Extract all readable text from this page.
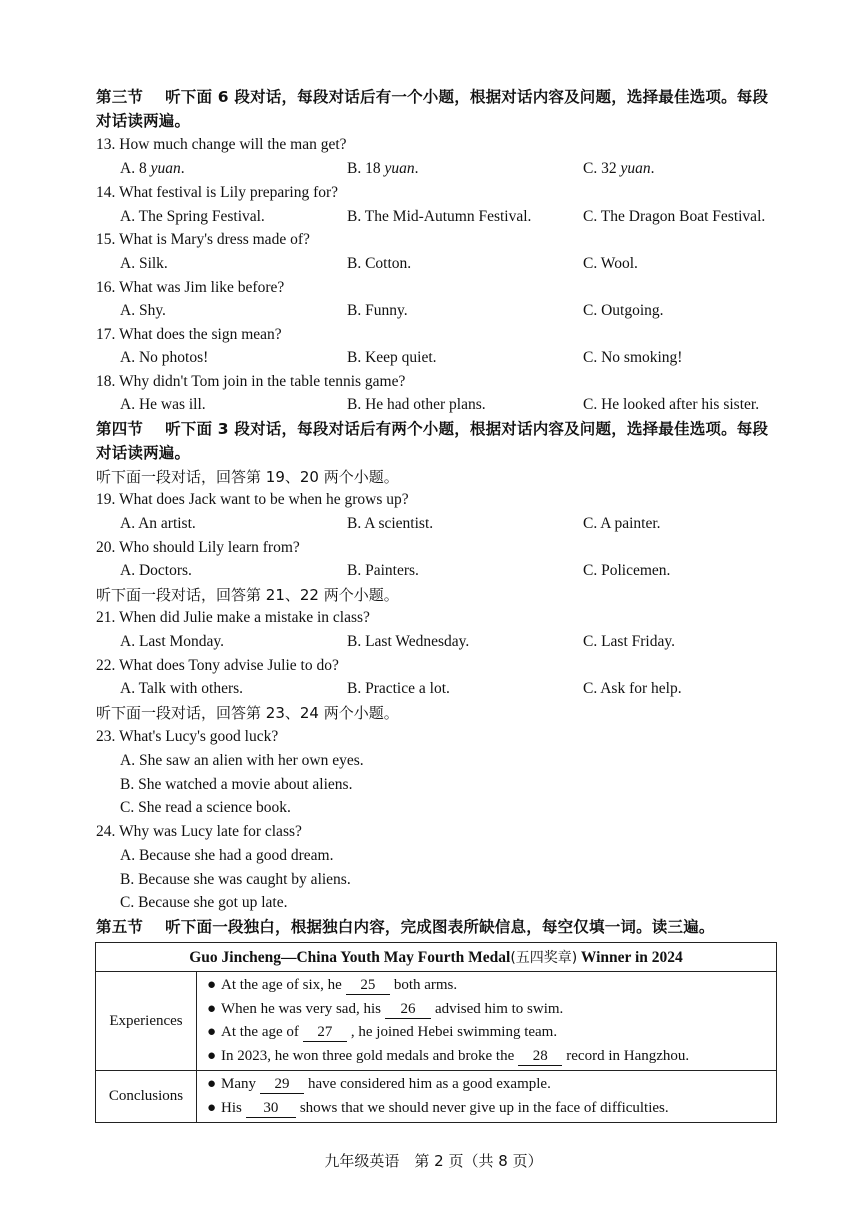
第三节 听下面 6 段对话，每段对话后有一个小题，根据对话内容及问题，选择最佳选项。每段
对话读两遍。
13. How much change will the man get?
A. 8 yuan.	B. 18 yuan.	C. 32 yuan.
14. What festival is Lily preparing for?
A. The Spring Festival.	B. The Mid-Autumn Festival.	C. The Dragon Boat Festival.
15. What is Mary's dress made of?
A. Silk.	B. Cotton.	C. Wool.
16. What was Jim like before?
A. Shy.	B. Funny.	C. Outgoing.
17. What does the sign mean?
A. No photos!	B. Keep quiet.	C. No smoking!
18. Why didn't Tom join in the table tennis game?
A. He was ill.	B. He had other plans.	C. He looked after his sister.
第四节 听下面 3 段对话，每段对话后有两个小题，根据对话内容及问题，选择最佳选项。每段
对话读两遍。
听下面一段对话，回答第 19、20 两个小题。
19. What does Jack want to be when he grows up?
A. An artist.	B. A scientist.	C. A painter.
20. Who should Lily learn from?
A. Doctors.	B. Painters.	C. Policemen.
听下面一段对话，回答第 21、22 两个小题。
21. When did Julie make a mistake in class?
A. Last Monday.	B. Last Wednesday.	C. Last Friday.
22. What does Tony advise Julie to do?
A. Talk with others.	B. Practice a lot.	C. Ask for help.
听下面一段对话，回答第 23、24 两个小题。
23. What's Lucy's good luck?
A. She saw an alien with her own eyes.
B. She watched a movie about aliens.
C. She read a science book.
24. Why was Lucy late for class?
A. Because she had a good dream.
B. Because she was caught by aliens.
C. Because she got up late.
第五节 听下面一段独白，根据独白内容，完成图表所缺信息，每空仅填一词。读三遍。
Guo Jincheng—China Youth May Fourth Medal(五四奖章) Winner in 2024	
Experiences	● At the age of six, he 25 both arms.
● When he was very sad, his 26 advised him to swim.
● At the age of 27 , he joined Hebei swimming team.
● In 2023, he won three gold medals and broke the 28 record in Hangzhou.

Conclusions	● Many 29 have considered him as a good example.
● His 30 shows that we should never give up in the face of difficulties.
九年级英语　第 2 页（共 8 页）
